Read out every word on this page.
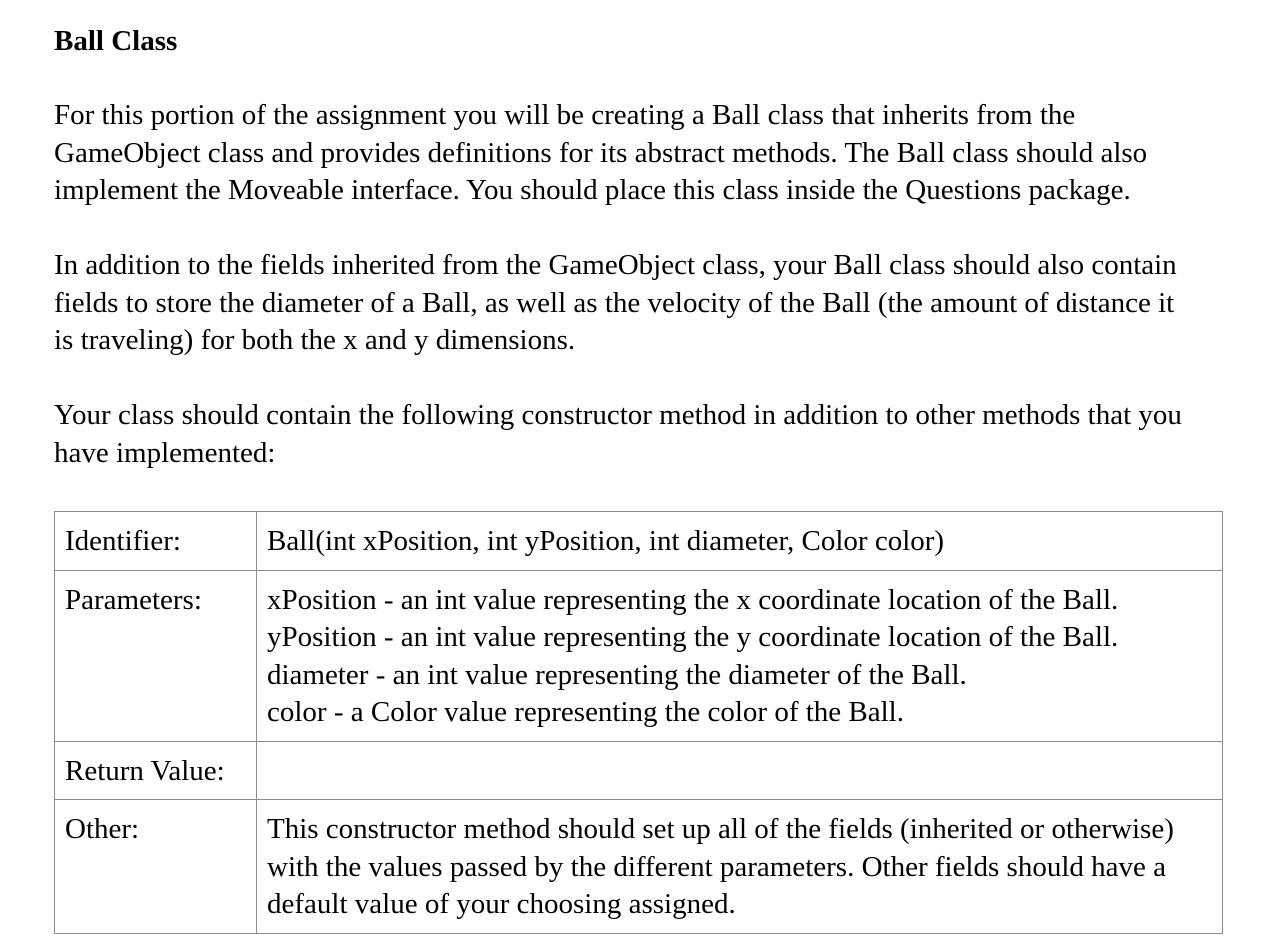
Ball Class

For this portion of the assignment you will be creating a Ball class that inherits from the
GameObject class and provides definitions for its abstract methods. The Ball class should also
implement the Moveable interface. You should place this class inside the Questions package.

In addition to the fields inherited from the GameObject class, your Ball class should also contain
fields to store the diameter of a Ball, as well as the velocity of the Ball (the amount of distance it
is traveling) for both the x and y dimensions.

Your class should contain the following constructor method in addition to other methods that you
have implemented:

Identifier:	Ball(int xPosition, int yPosition, int diameter, Color color)
Parameters:	xPosition - an int value representing the x coordinate location of the Ball.
yPosition - an int value representing the y coordinate location of the Ball.
diameter - an int value representing the diameter of the Ball.
color - a Color value representing the color of the Ball.

Return Value:	
Other:	This constructor method should set up all of the fields (inherited or otherwise)
with the values passed by the different parameters. Other fields should have a
default value of your choosing assigned.
